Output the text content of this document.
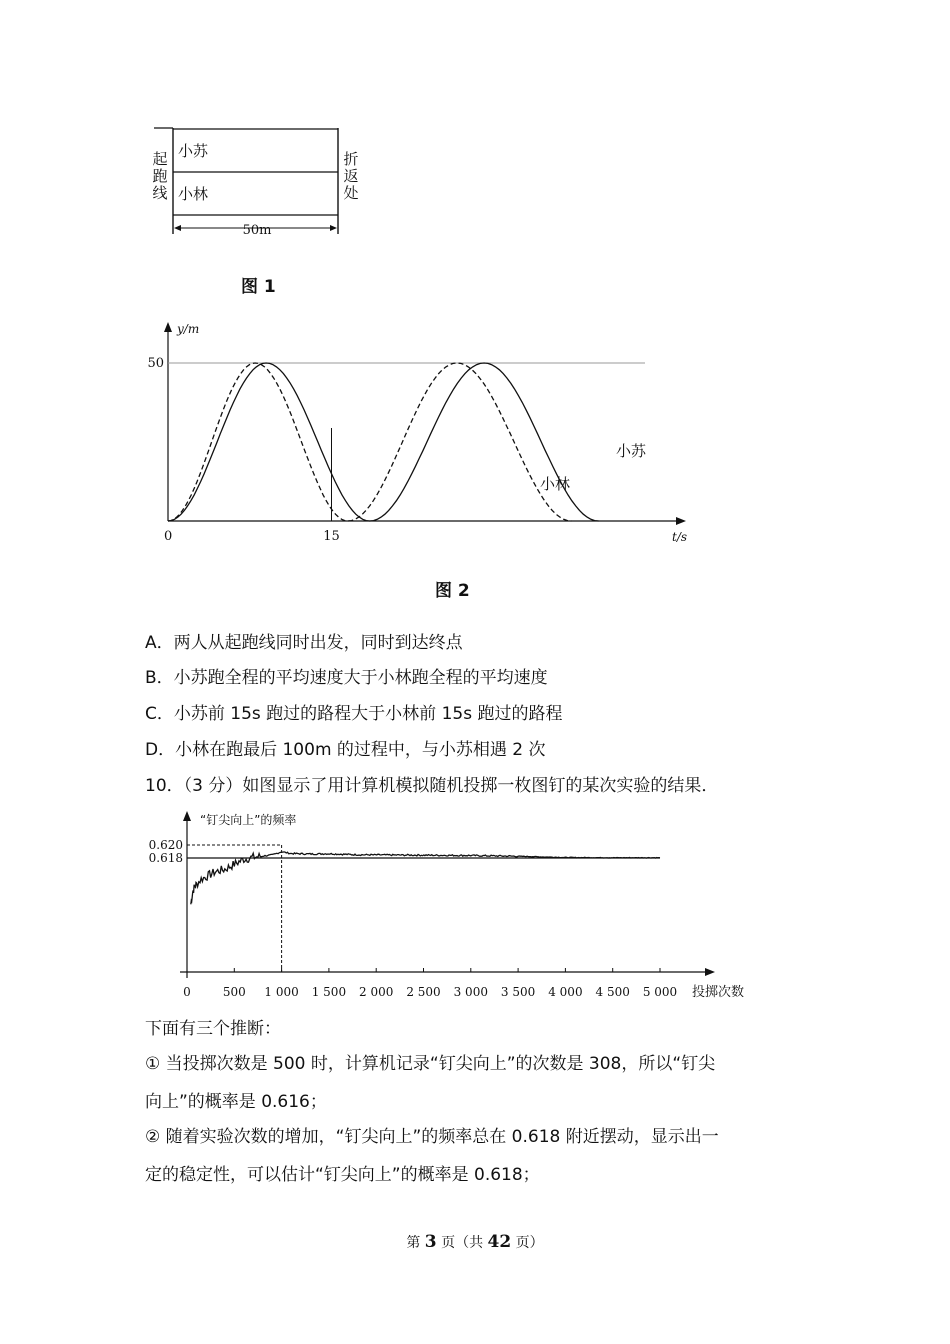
起跑线
折返处
小苏
小林
50m
图 1
y/m
t/s
50
0	15
小苏
小林
图 2
A．两人从起跑线同时出发，同时到达终点
B．小苏跑全程的平均速度大于小林跑全程的平均速度
C．小苏前 15s 跑过的路程大于小林前 15s 跑过的路程
D．小林在跑最后 100m 的过程中，与小苏相遇 2 次
10．（3 分）如图显示了用计算机模拟随机投掷一枚图钉的某次实验的结果．
“钉尖向上”的频率
投掷次数
0.620
0.618
0	500 1 000 1 500 2 000 2 500 3 000 3 500 4 000 4 500 5 000
下面有三个推断：
① 当投掷次数是 500 时，计算机记录“钉尖向上”的次数是 308，所以“钉尖
向上”的概率是 0.616；
② 随着实验次数的增加，“钉尖向上”的频率总在 0.618 附近摆动，显示出一
定的稳定性，可以估计“钉尖向上”的概率是 0.618；
第 3 页（共 42 页）
